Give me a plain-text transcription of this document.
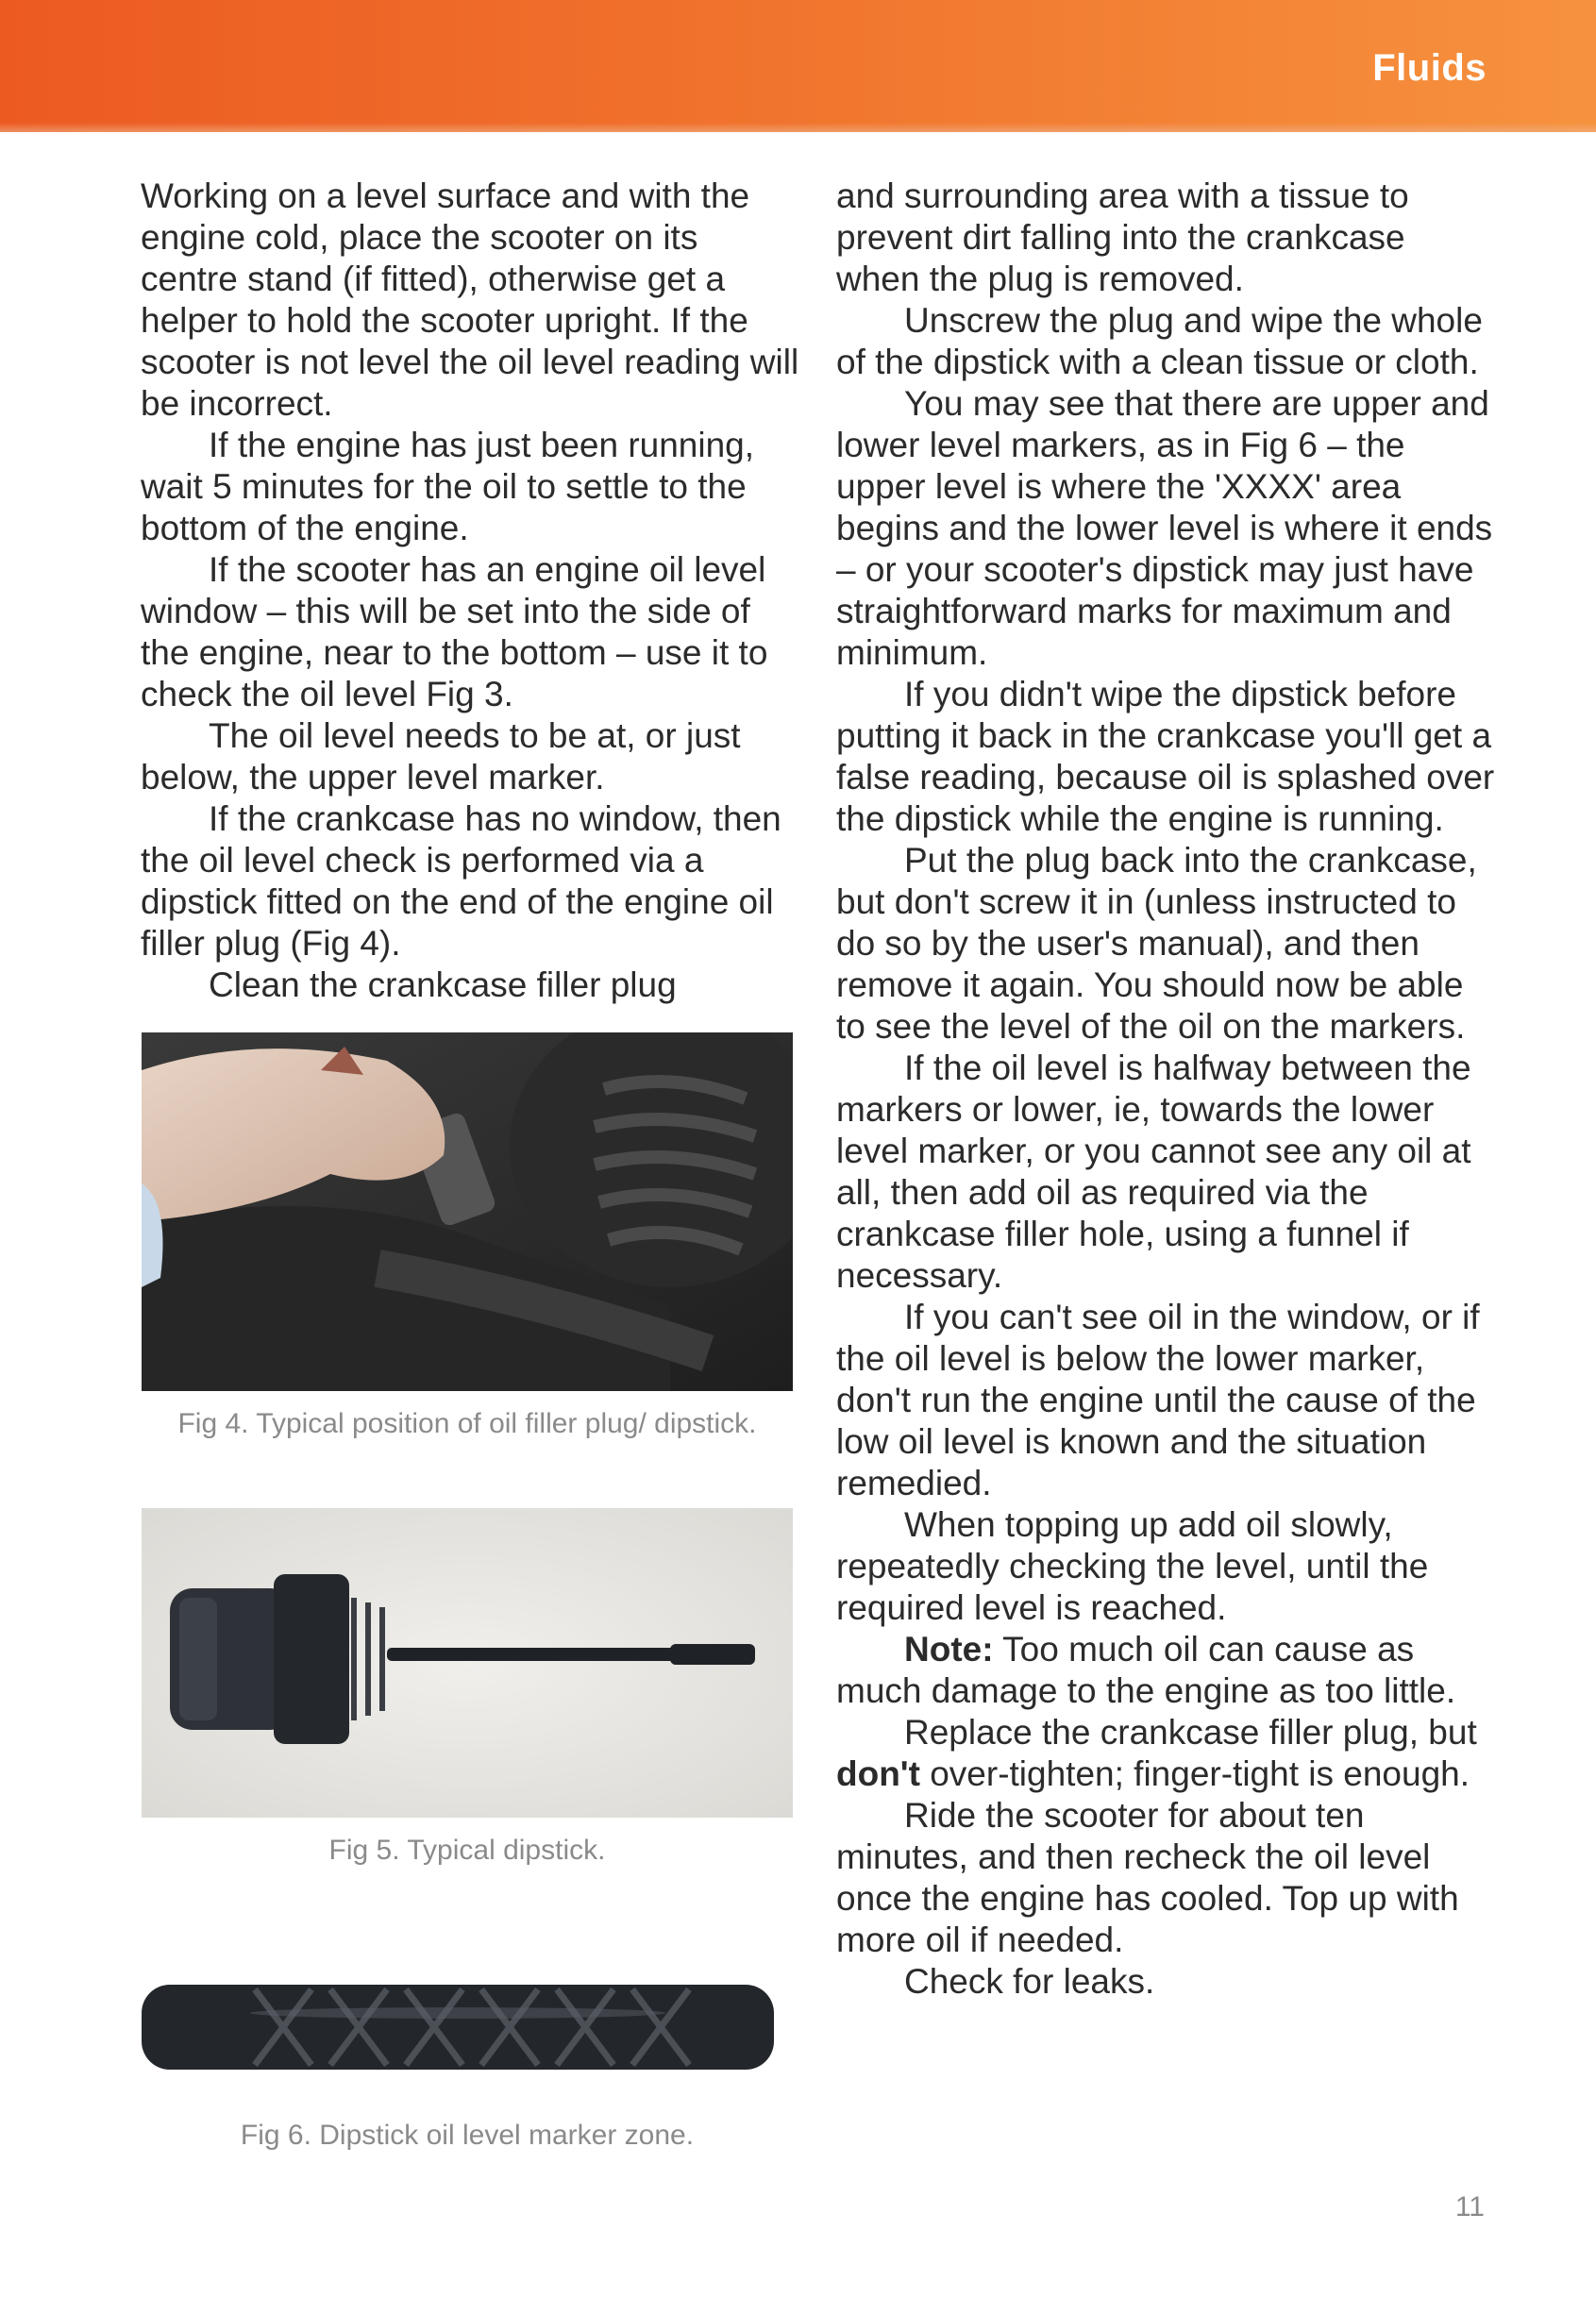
Fluids

Working on a level surface and with the engine cold, place the scooter on its centre stand (if fitted), otherwise get a helper to hold the scooter upright. If the scooter is not level the oil level reading will be incorrect.

If the engine has just been running, wait 5 minutes for the oil to settle to the bottom of the engine.

If the scooter has an engine oil level window – this will be set into the side of the engine, near to the bottom – use it to check the oil level Fig 3.

The oil level needs to be at, or just below, the upper level marker.

If the crankcase has no window, then the oil level check is performed via a dipstick fitted on the end of the engine oil filler plug (Fig 4).

Clean the crankcase filler plug

Fig 4. Typical position of oil filler plug/ dipstick.
Fig 5. Typical dipstick.
Fig 6. Dipstick oil level marker zone.

and surrounding area with a tissue to prevent dirt falling into the crankcase when the plug is removed.

Unscrew the plug and wipe the whole of the dipstick with a clean tissue or cloth.

You may see that there are upper and lower level markers, as in Fig 6 – the upper level is where the 'XXXX' area begins and the lower level is where it ends – or your scooter's dipstick may just have straightforward marks for maximum and minimum.

If you didn't wipe the dipstick before putting it back in the crankcase you'll get a false reading, because oil is splashed over the dipstick while the engine is running.

Put the plug back into the crankcase, but don't screw it in (unless instructed to do so by the user's manual), and then remove it again. You should now be able to see the level of the oil on the markers.

If the oil level is halfway between the markers or lower, ie, towards the lower level marker, or you cannot see any oil at all, then add oil as required via the crankcase filler hole, using a funnel if necessary.

If you can't see oil in the window, or if the oil level is below the lower marker, don't run the engine until the cause of the low oil level is known and the situation remedied.

When topping up add oil slowly, repeatedly checking the level, until the required level is reached.

Note: Too much oil can cause as much damage to the engine as too little.

Replace the crankcase filler plug, but don't over-tighten; finger-tight is enough.

Ride the scooter for about ten minutes, and then recheck the oil level once the engine has cooled. Top up with more oil if needed.

Check for leaks.

11
